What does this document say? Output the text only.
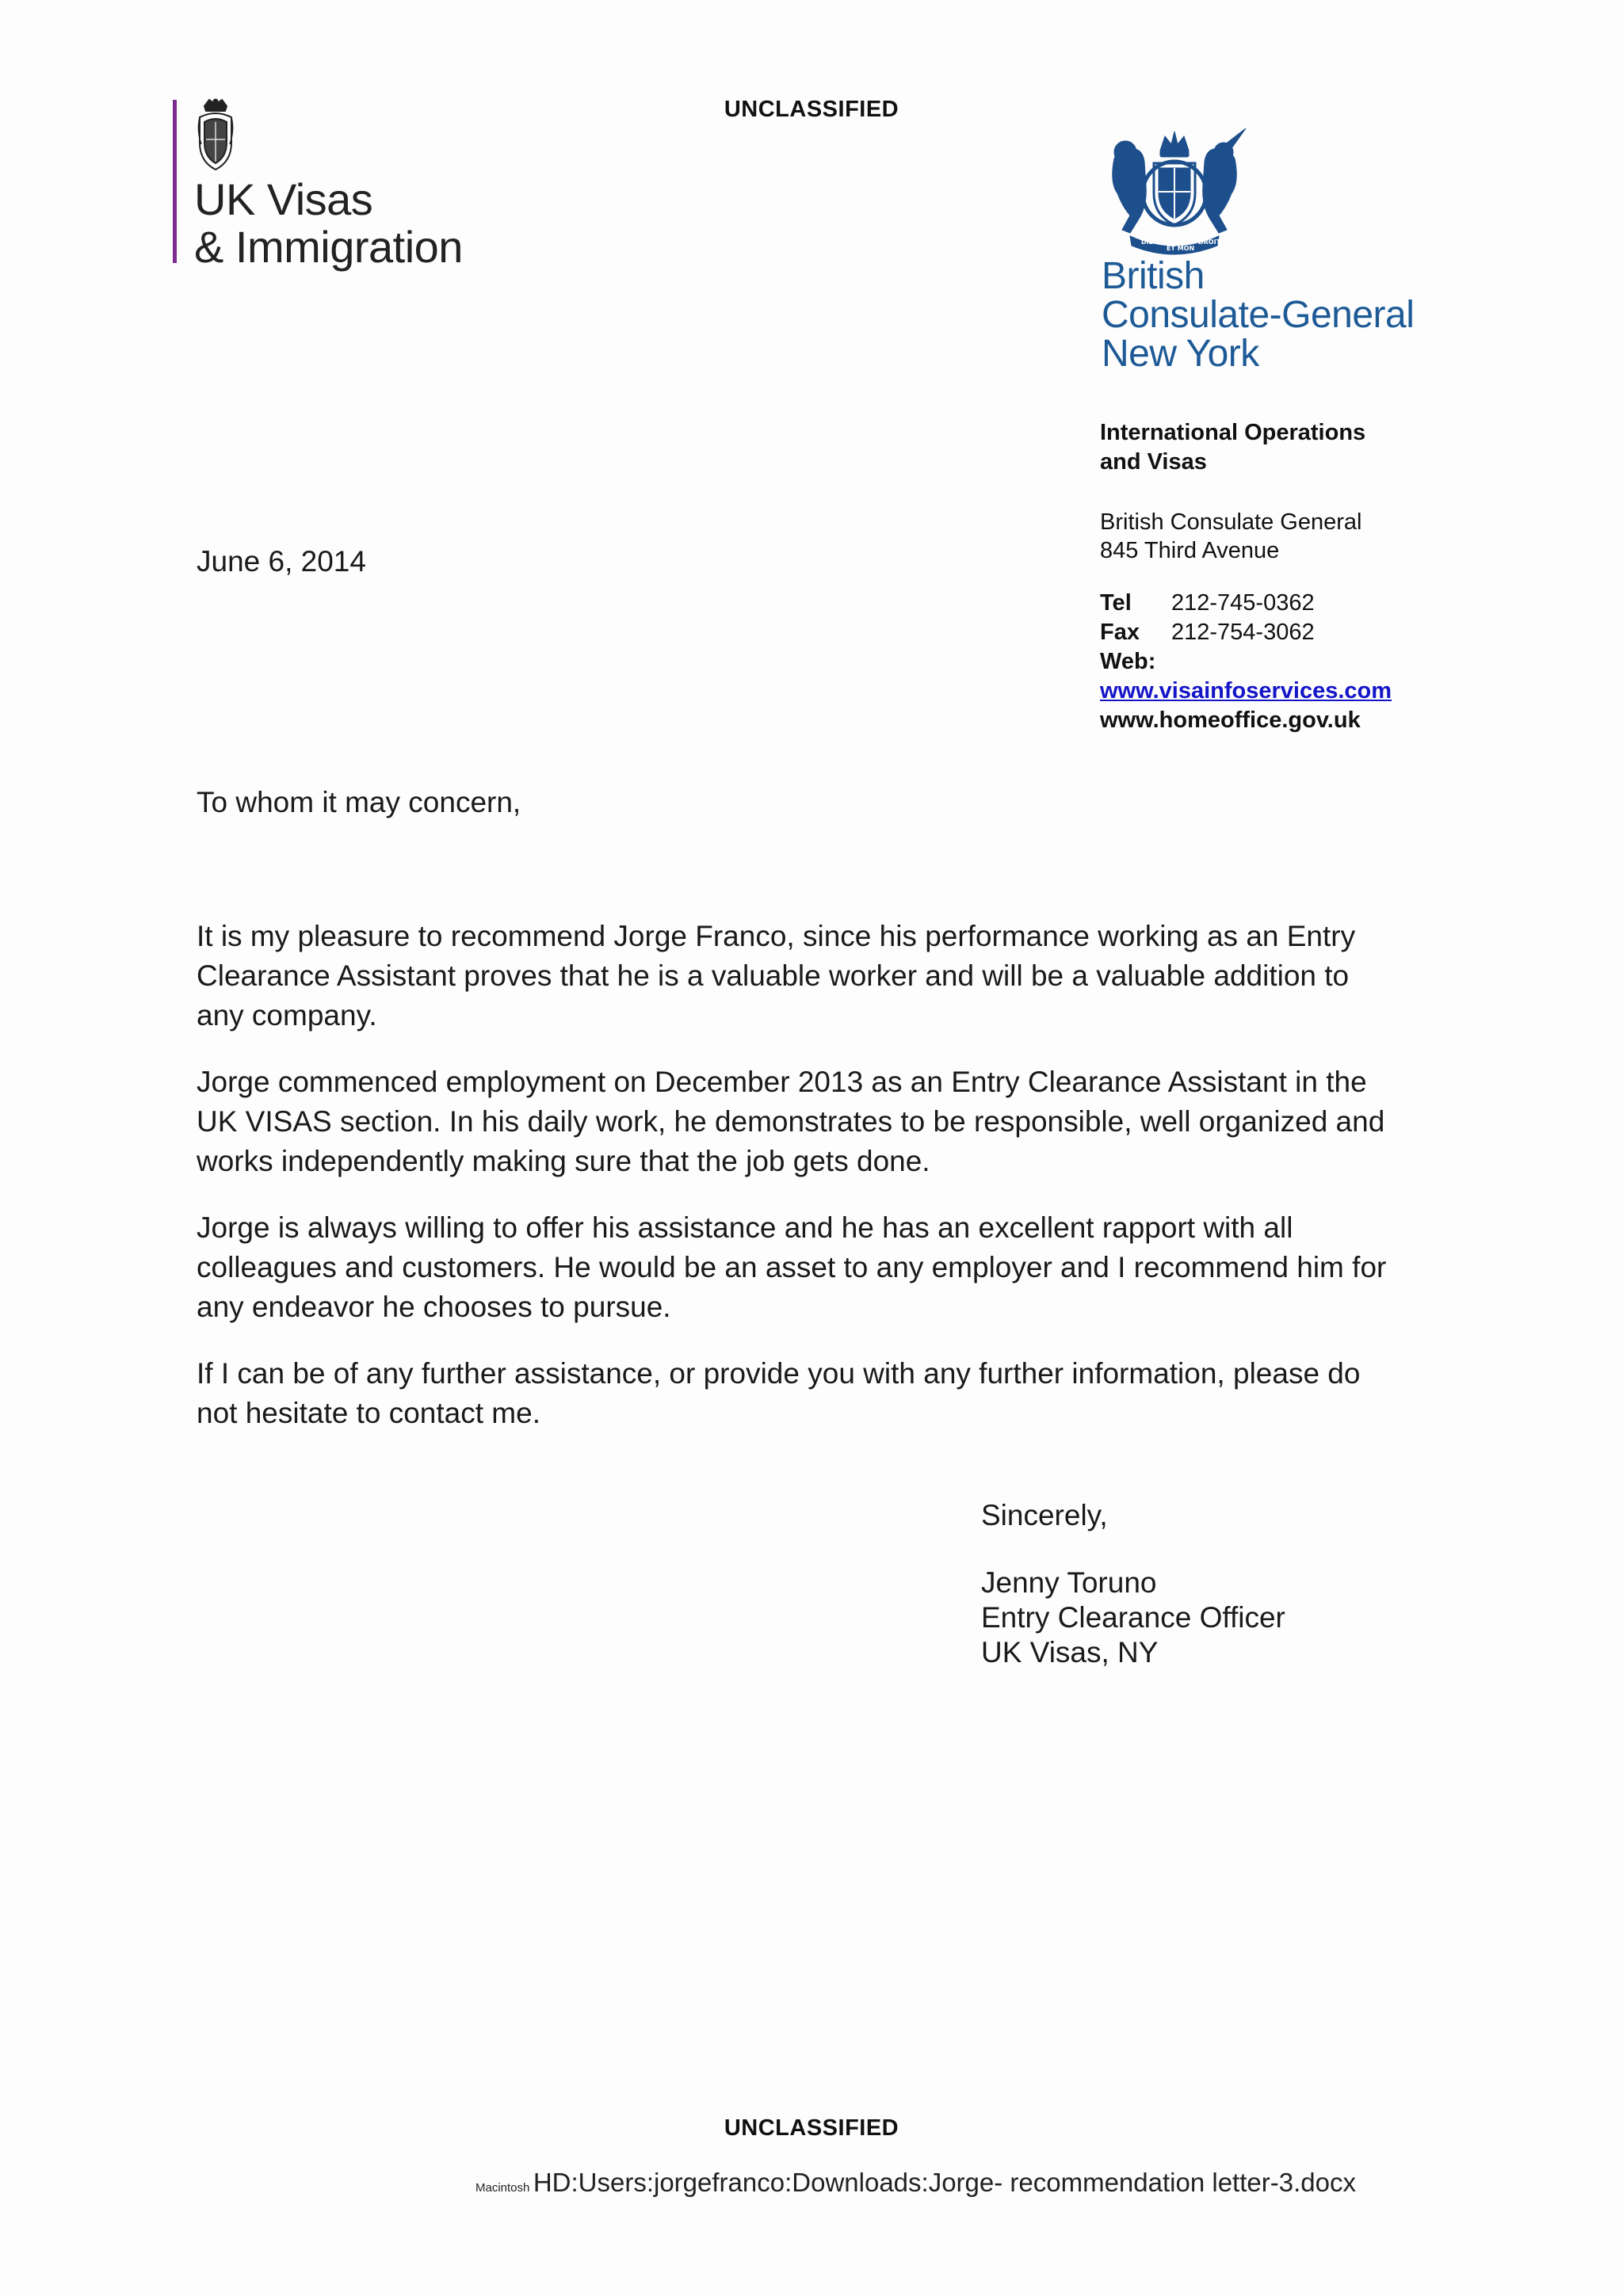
UNCLASSIFIED
UK Visas
& Immigration	DIEU
ET MON
DROIT
British
Consulate-General
New York
International Operations
and Visas
British Consulate General
845 Third Avenue
Tel	212-745-0362
Fax	212-754-3062
Web:
www.visainfoservices.com
www.homeoffice.gov.uk
June 6, 2014
To whom it may concern,

It is my pleasure to recommend Jorge Franco, since his performance working as an Entry
Clearance Assistant proves that he is a valuable worker and will be a valuable addition to
any company.

Jorge commenced employment on December 2013 as an Entry Clearance Assistant in the
UK VISAS section. In his daily work, he demonstrates to be responsible, well organized and
works independently making sure that the job gets done.

Jorge is always willing to offer his assistance and he has an excellent rapport with all
colleagues and customers. He would be an asset to any employer and I recommend him for
any endeavor he chooses to pursue.

If I can be of any further assistance, or provide you with any further information, please do
not hesitate to contact me.

Sincerely,
Jenny Toruno
Entry Clearance Officer
UK Visas, NY
UNCLASSIFIED
Macintosh HD:Users:jorgefranco:Downloads:Jorge- recommendation letter-3.docx
